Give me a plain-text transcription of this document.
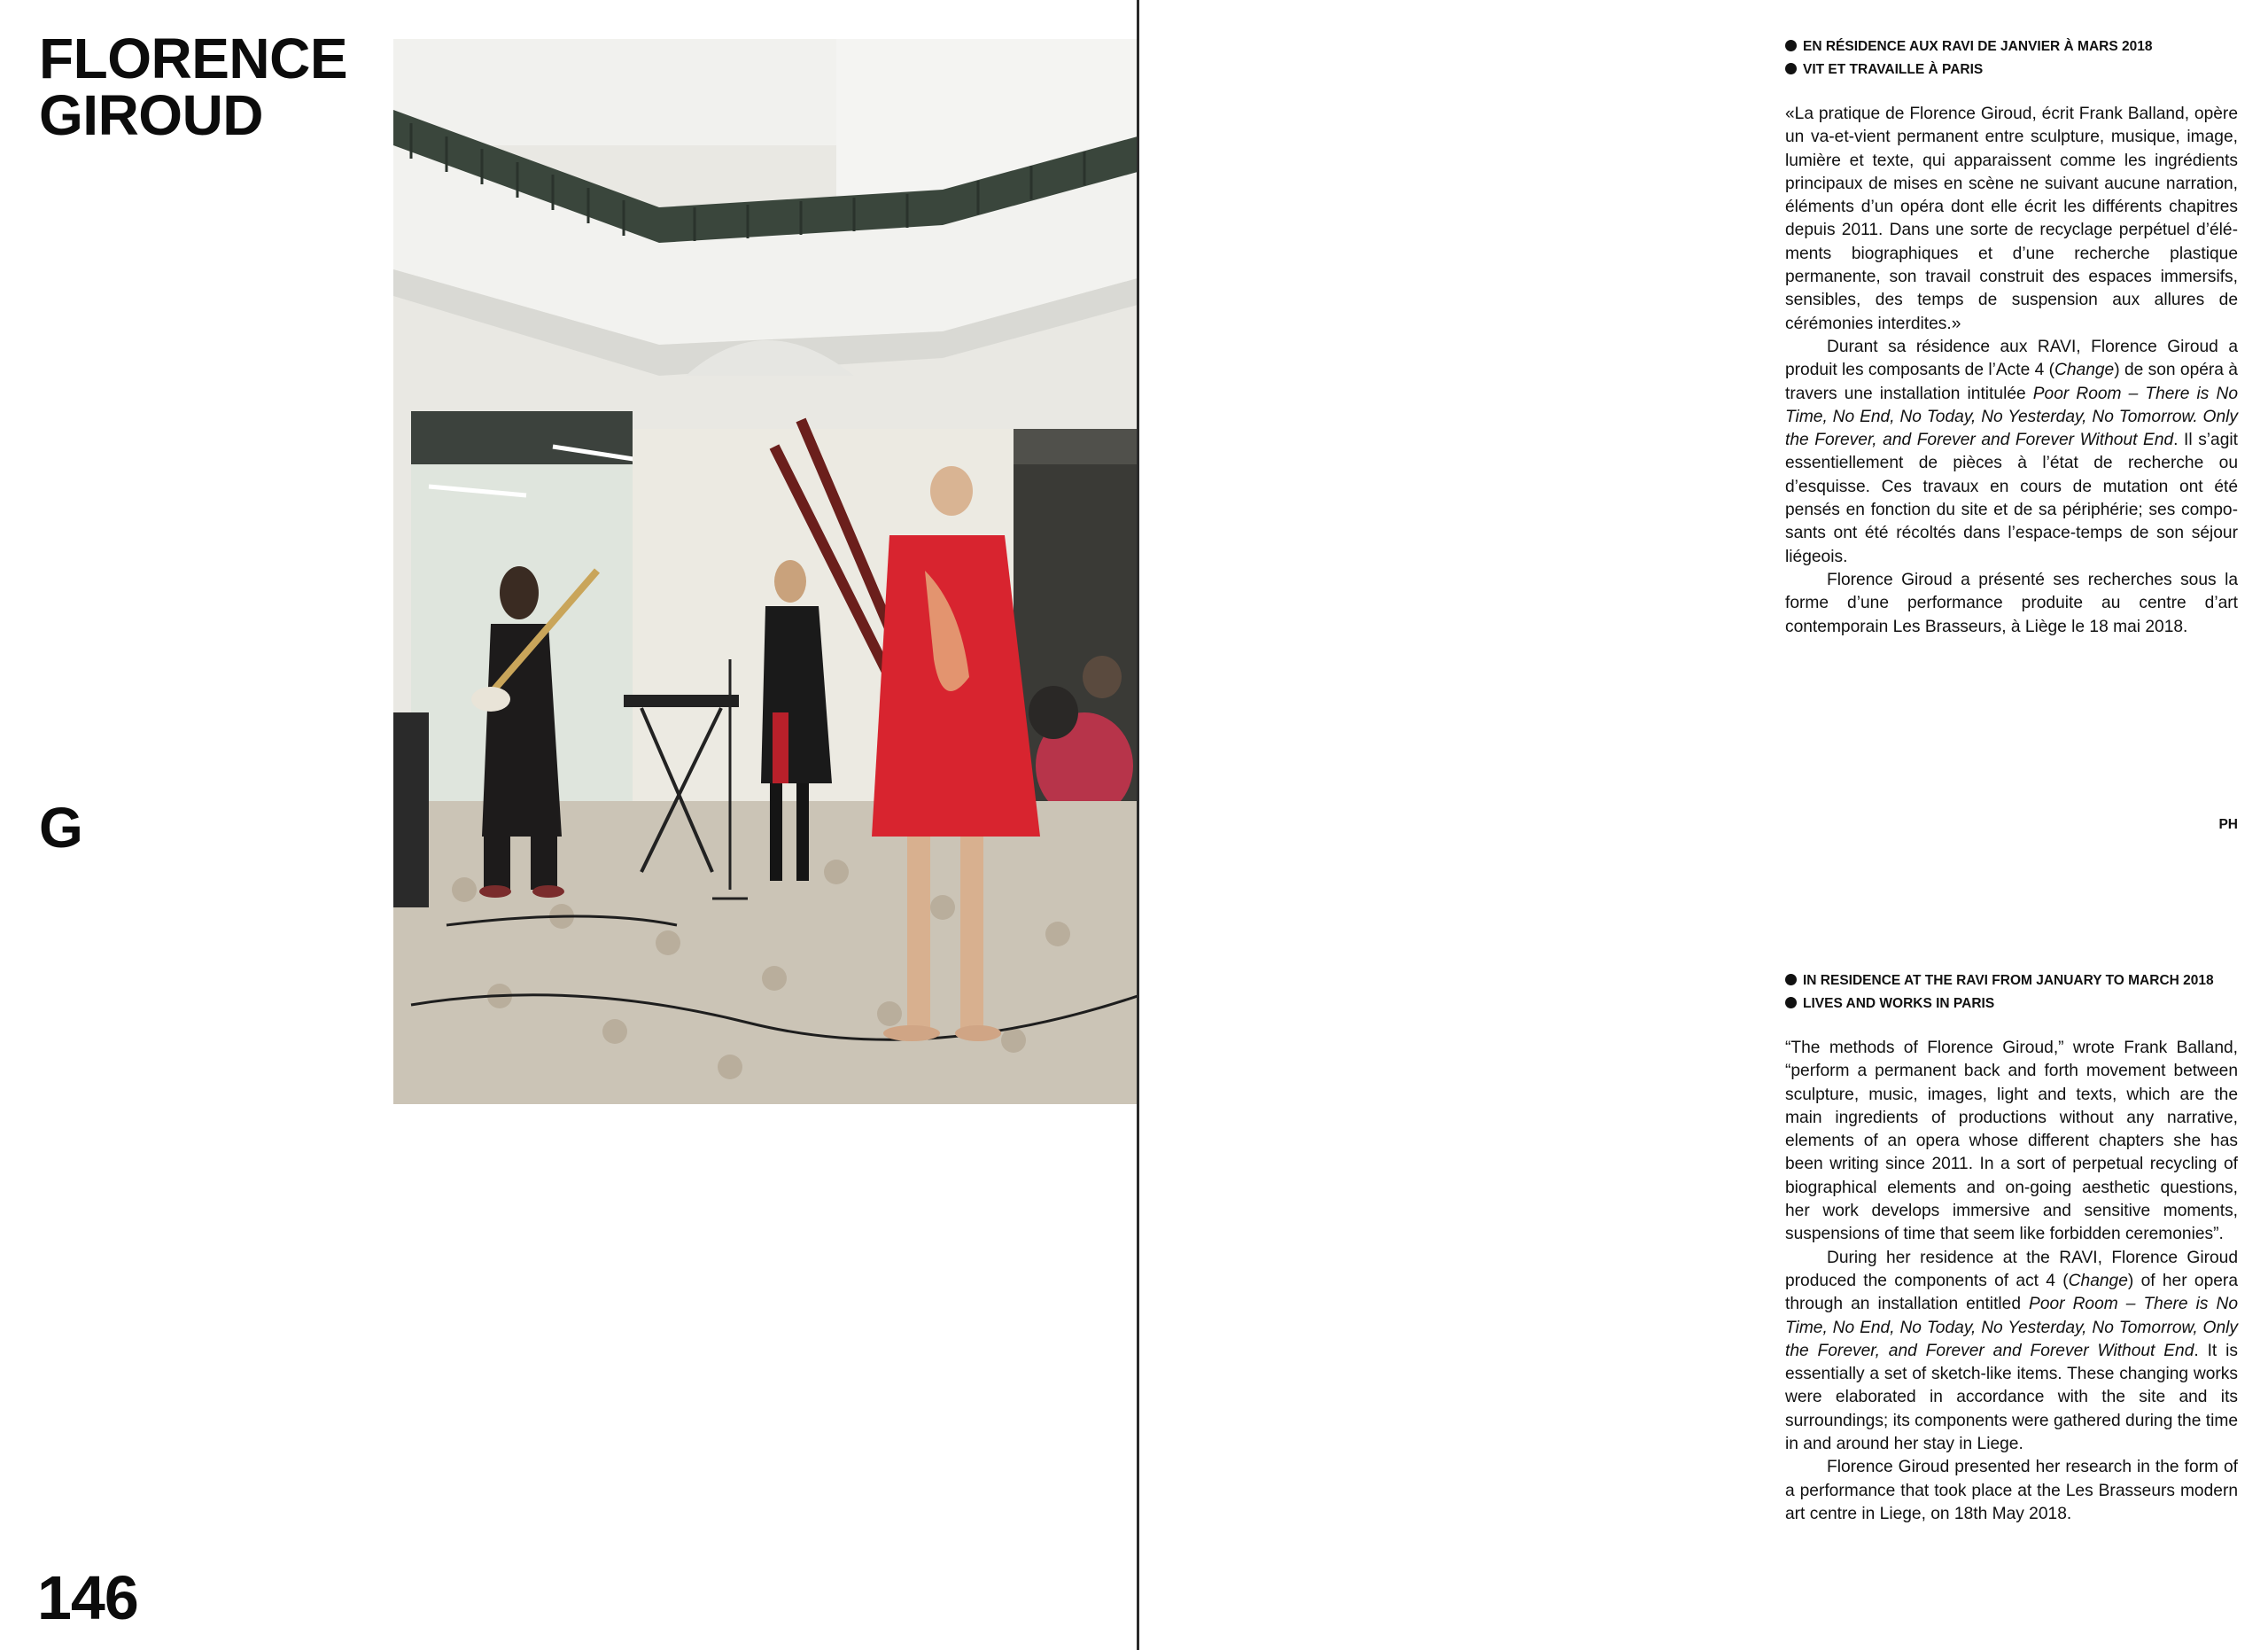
FLORENCE
GIROUD
G
146
EN RÉSIDENCE AUX RAVI DE JANVIER À MARS 2018
VIT ET TRAVAILLE À PARIS

«La pratique de Florence Giroud, écrit Frank Balland, opère un va-et-vient permanent entre sculpture, musique, image, lumière et texte, qui apparaissent comme les ingrédients principaux de mises en scène ne suivant aucune narration, éléments d’un opéra dont elle écrit les différents chapitres depuis 2011. Dans une sorte de recyclage perpétuel d’éléments biographiques et d’une recherche plastique permanente, son travail construit des espaces immersifs, sensibles, des temps de suspension aux allures de cérémonies interdites.»

Durant sa résidence aux RAVI, Florence Giroud a produit les composants de l’Acte 4 (Change) de son opéra à travers une installation intitulée Poor Room – There is No Time, No End, No Today, No Yesterday, No Tomorrow. Only the Forever, and Forever and Forever Without End. Il s’agit essentiellement de pièces à l’état de recherche ou d’esquisse. Ces travaux en cours de mutation ont été pensés en fonction du site et de sa périphérie; ses composants ont été récoltés dans l’espace-temps de son séjour liégeois.

Florence Giroud a présenté ses recherches sous la forme d’une performance produite au centre d’art contemporain Les Brasseurs, à Liège le 18 mai 2018.

PH
IN RESIDENCE AT THE RAVI FROM JANUARY TO MARCH 2018
LIVES AND WORKS IN PARIS

“The methods of Florence Giroud,” wrote Frank Balland, “perform a permanent back and forth movement between sculpture, music, images, light and texts, which are the main ingredients of productions without any narrative, elements of an opera whose different chapters she has been writing since 2011. In a sort of perpetual recycling of biographical elements and on-going aesthetic questions, her work develops immersive and sensitive moments, suspensions of time that seem like forbidden ceremonies”.

During her residence at the RAVI, Florence Giroud produced the components of act 4 (Change) of her opera through an installation entitled Poor Room – There is No Time, No End, No Today, No Yesterday, No Tomorrow, Only the Forever, and Forever and Forever Without End. It is essentially a set of sketch-like items. These changing works were elaborated in accordance with the site and its surroundings; its components were gathered during the time in and around her stay in Liege.

Florence Giroud presented her research in the form of a performance that took place at the Les Brasseurs modern art centre in Liege, on 18th May 2018.
